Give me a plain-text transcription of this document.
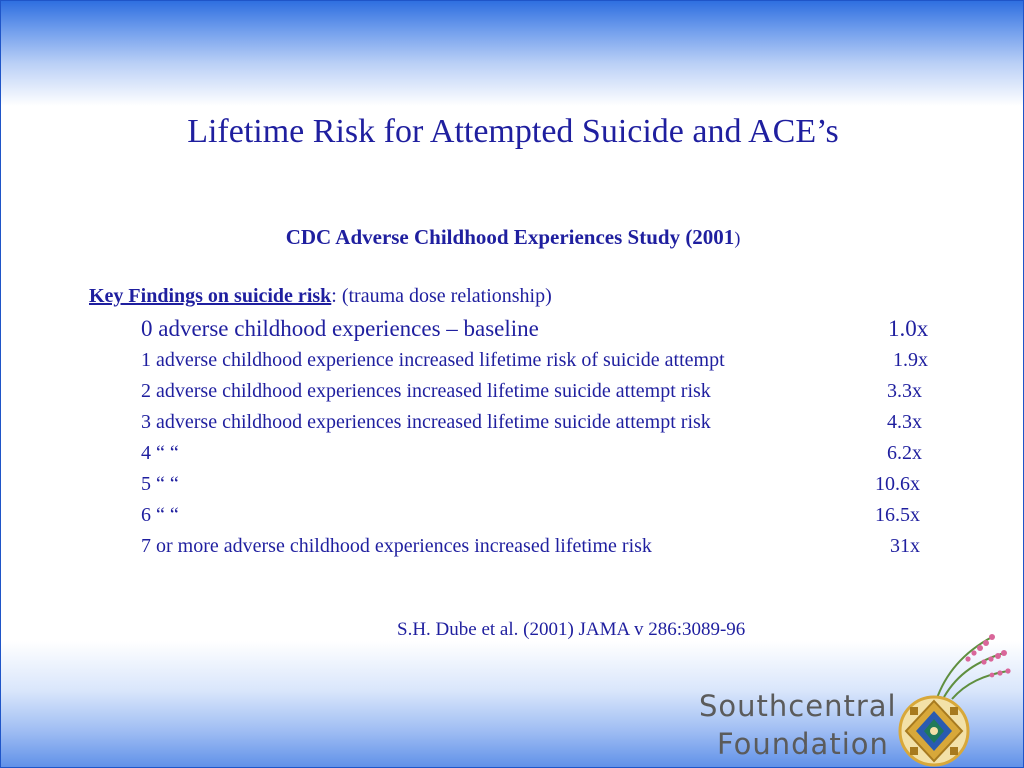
Lifetime Risk for Attempted Suicide and ACE’s
CDC Adverse Childhood Experiences Study (2001)
Key Findings on suicide risk: (trauma dose relationship)
0 adverse childhood experiences – baseline	1.0x
1 adverse childhood experience increased lifetime risk of suicide attempt	1.9x
2 adverse childhood experiences increased lifetime suicide attempt risk	3.3x
3 adverse childhood experiences increased lifetime suicide attempt risk	4.3x
4 “ “	6.2x
5 “ “	10.6x
6 “ “	16.5x
7 or more adverse childhood experiences increased lifetime risk	31x
S.H. Dube et al. (2001) JAMA v 286:3089-96
Southcentral
Foundation
